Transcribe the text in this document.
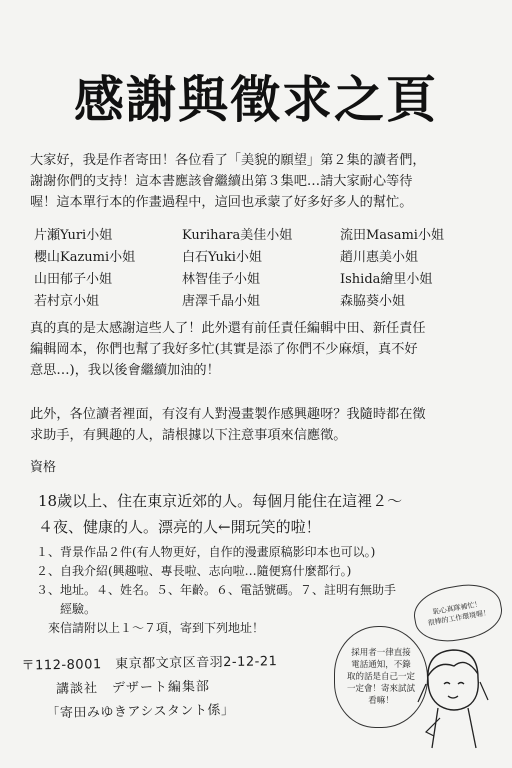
感謝與徵求之頁
大家好，我是作者寄田！各位看了「美貌的願望」第２集的讀者們，
謝謝你們的支持！這本書應該會繼續出第３集吧…請大家耐心等待
喔！這本單行本的作畫過程中，這回也承蒙了好多好多人的幫忙。
片瀬Yuri小姐	Kurihara美佳小姐	流田Masami小姐
櫻山Kazumi小姐	白石Yuki小姐	趙川惠美小姐
山田郁子小姐	林智佳子小姐	Ishida繪里小姐
若村京小姐	唐澤千晶小姐	森脇葵小姐
真的真的是太感謝這些人了！此外還有前任責任編輯中田、新任責任
編輯岡本，你們也幫了我好多忙(其實是添了你們不少麻煩，真不好
意思…)，我以後會繼續加油的！
此外，各位讀者裡面，有沒有人對漫畫製作感興趣呀？我隨時都在徵
求助手，有興趣的人，請根據以下注意事項來信應徵。
資格
18歲以上、住在東京近郊的人。每個月能住在這裡２～
４夜、健康的人。漂亮的人←開玩笑的啦！
１、背景作品２件(有人物更好，自作的漫畫原稿影印本也可以。)
２、自我介紹(興趣啦、專長啦、志向啦…隨便寫什麼都行。)
３、地址。４、姓名。５、年齡。６、電話號碼。７、註明有無助手
　　經驗。
　來信請附以上１～７項，寄到下列地址！
〒112-8001　東京都文京区音羽2-12-21
講談社　デザート編集部
「寄田みゆきアシスタント係」
採用者一律直接
電話通知，不錄
取的話是自己一定
一定會！寄來試試
看嘛！
恥心真隊補忙！
很棒的工作環境喔！
